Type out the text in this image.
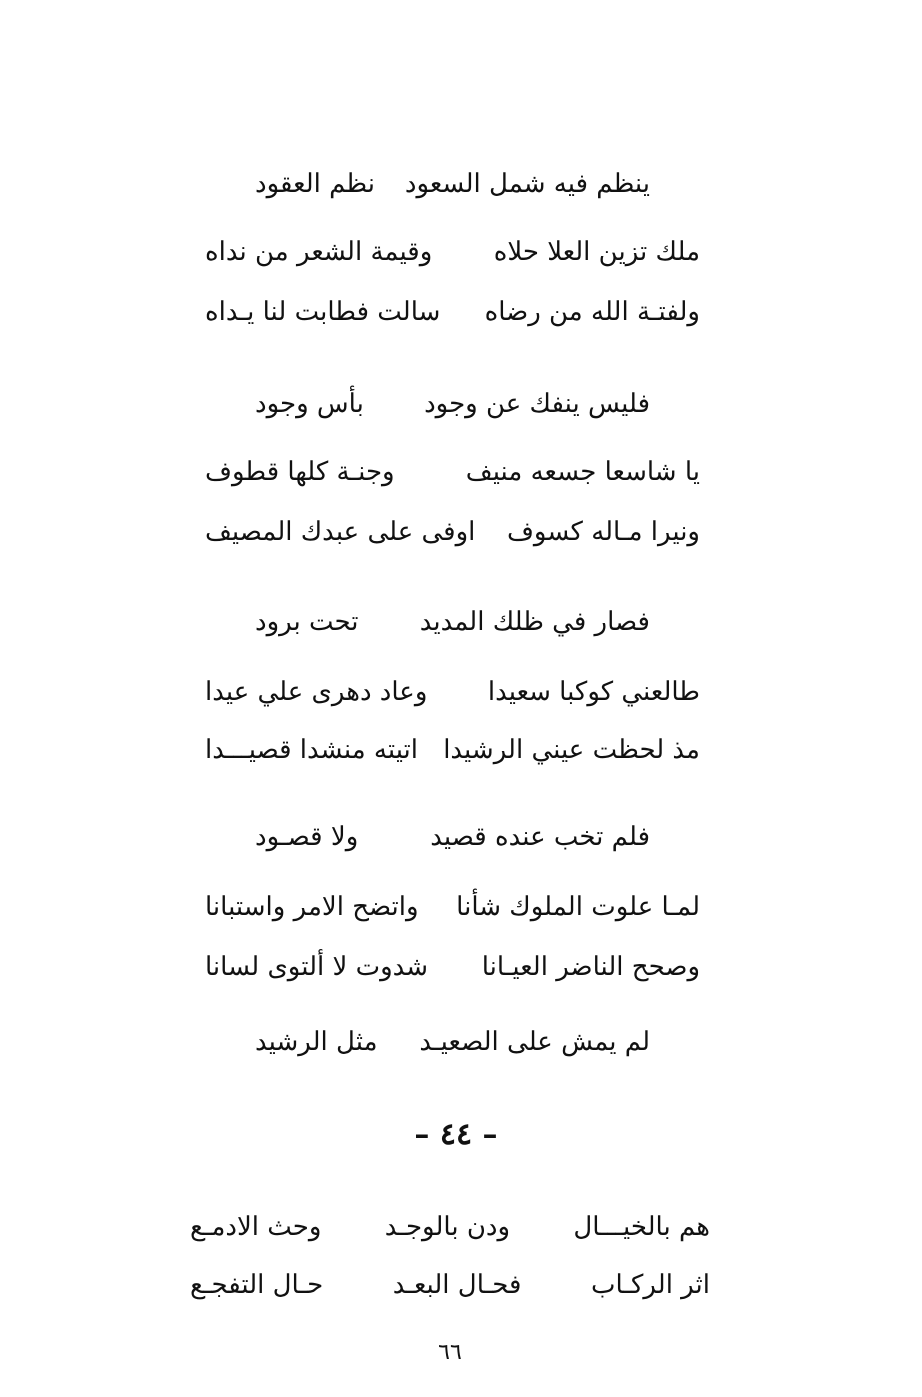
ينظم فيه شمل السعود
نظم العقود
ملك تزين العلا حلاه
وقيمة الشعر من نداه
ولفتـة الله من رضاه
سالت فطابت لنا يـداه
فليس ينفك عن وجود
بأس وجود
يا شاسعا جسعه منيف
وجنـة كلها قطوف
ونيرا مـاله كسوف
اوفى على عبدك المصيف
فصار في ظلك المديد
تحت برود
طالعني كوكبا سعيدا
وعاد دهرى علي عيدا
مذ لحظت عيني الرشيدا
اتيته منشدا قصيـــدا
فلم تخب عنده قصيد
ولا قصـود
لمـا علوت الملوك شأنا
واتضح الامر واستبانا
وصحح الناضر العيـانا
شدوت لا ألتوى لسانا
لم يمش على الصعيـد
مثل الرشيد
– ٤٤ –
هم بالخيـــال
ودن بالوجـد
وحث الادمـع
اثر الركـاب
فحـال البعـد
حـال التفجـع
٦٦
